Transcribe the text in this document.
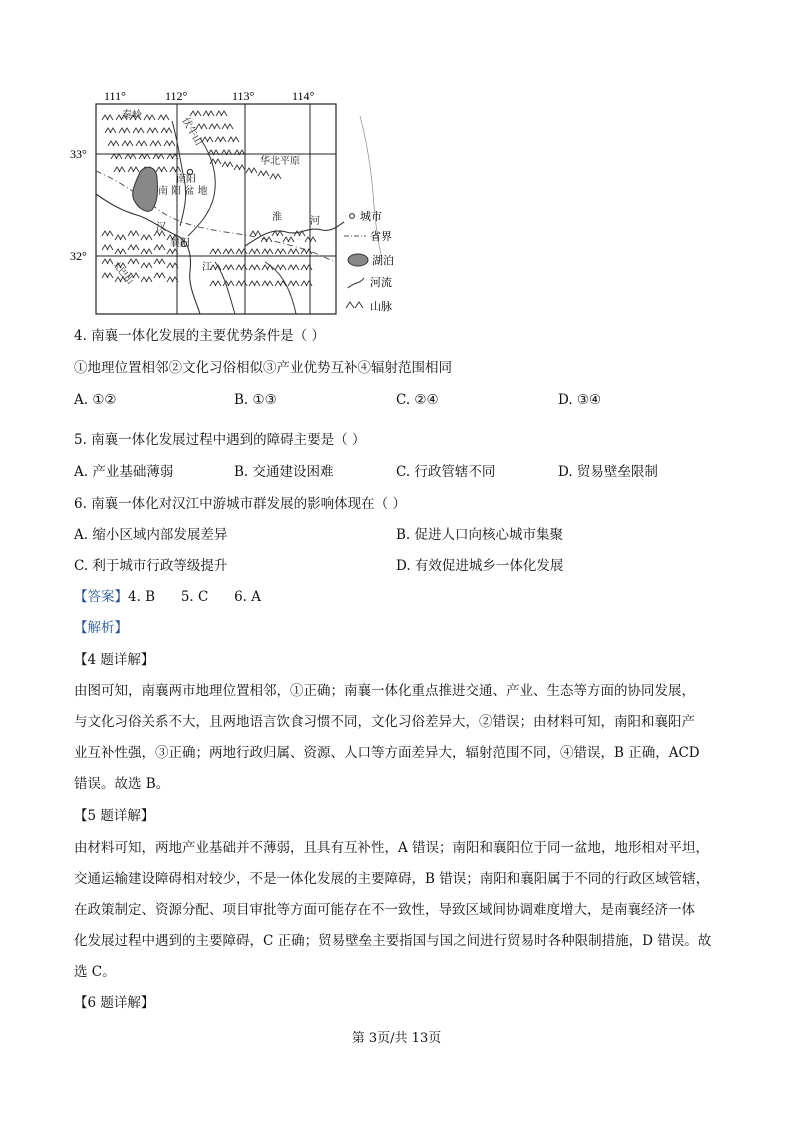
111°	112°	113°	114°
33°
32°
秦岭
伏牛山
华北平原
南阳
南 阳 盆 地
淮	河
汉
襄阳
江
大巴山
城市
省界
湖泊
河流
山脉
4. 南襄一体化发展的主要优势条件是（ ）
①地理位置相邻②文化习俗相似③产业优势互补④辐射范围相同
A. ①②	B. ①③	C. ②④	D. ③④
5. 南襄一体化发展过程中遇到的障碍主要是（ ）
A. 产业基础薄弱	B. 交通建设困难	C. 行政管辖不同	D. 贸易壁垒限制
6. 南襄一体化对汉江中游城市群发展的影响体现在（ ）
A. 缩小区域内部发展差异	B. 促进人口向核心城市集聚
C. 利于城市行政等级提升	D. 有效促进城乡一体化发展
【答案】4. B      5. C      6. A
【解析】
【4 题详解】

由图可知，南襄两市地理位置相邻，①正确；南襄一体化重点推进交通、产业、生态等方面的协同发展，

与文化习俗关系不大，且两地语言饮食习惯不同，文化习俗差异大，②错误；由材料可知，南阳和襄阳产

业互补性强，③正确；两地行政归属、资源、人口等方面差异大，辐射范围不同，④错误，B 正确，ACD

错误。故选 B。

【5 题详解】

由材料可知，两地产业基础并不薄弱，且具有互补性，A 错误；南阳和襄阳位于同一盆地，地形相对平坦，

交通运输建设障碍相对较少，不是一体化发展的主要障碍，B 错误；南阳和襄阳属于不同的行政区域管辖，

在政策制定、资源分配、项目审批等方面可能存在不一致性，导致区域间协调难度增大，是南襄经济一体

化发展过程中遇到的主要障碍，C 正确；贸易壁垒主要指国与国之间进行贸易时各种限制措施，D 错误。故

选 C。

【6 题详解】
第 3页/共 13页
